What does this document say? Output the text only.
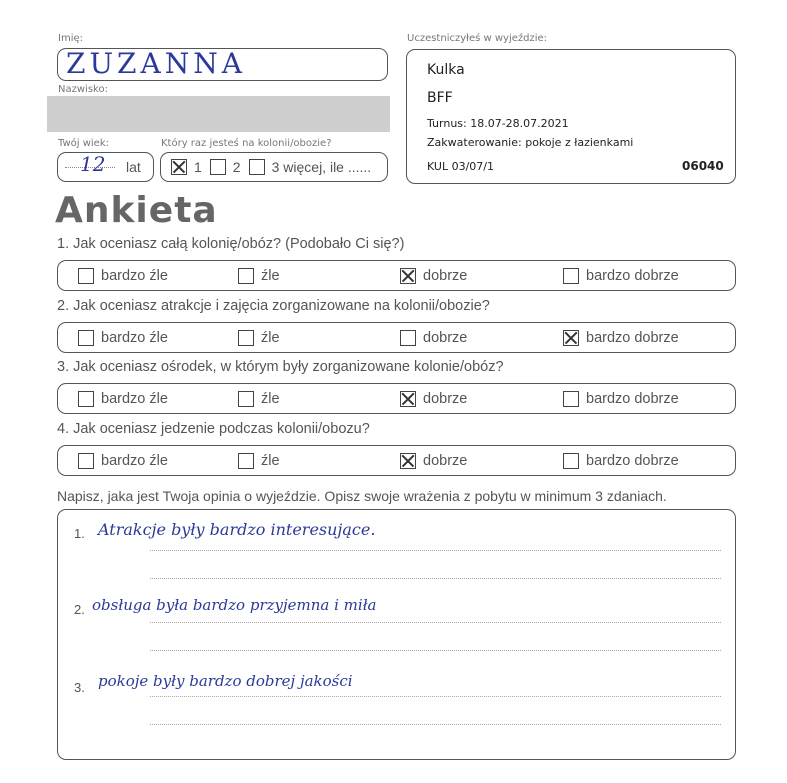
Imię:
ZUZANNA
Nazwisko:
Twój wiek:
12 lat
Który raz jesteś na kolonii/obozie?
1 2 3 więcej, ile ......
Uczestniczyłeś w wyjeździe:
Kulka
BFF
Turnus: 18.07-28.07.2021
Zakwaterowanie: pokoje z łazienkami
KUL 03/07/1	06040
Ankieta
1. Jak oceniasz całą kolonię/obóz? (Podobało Ci się?)
bardzo źle	źle	dobrze	bardzo dobrze
2. Jak oceniasz atrakcje i zajęcia zorganizowane na kolonii/obozie?
bardzo źle	źle	dobrze	bardzo dobrze
3. Jak oceniasz ośrodek, w którym były zorganizowane kolonie/obóz?
bardzo źle	źle	dobrze	bardzo dobrze
4. Jak oceniasz jedzenie podczas kolonii/obozu?
bardzo źle	źle	dobrze	bardzo dobrze
Napisz, jaka jest Twoja opinia o wyjeździe. Opisz swoje wrażenia z pobytu w minimum 3 zdaniach.
1. Atrakcje były bardzo interesujące.
2. obsługa była bardzo przyjemna i miła
3. pokoje były bardzo dobrej jakości
